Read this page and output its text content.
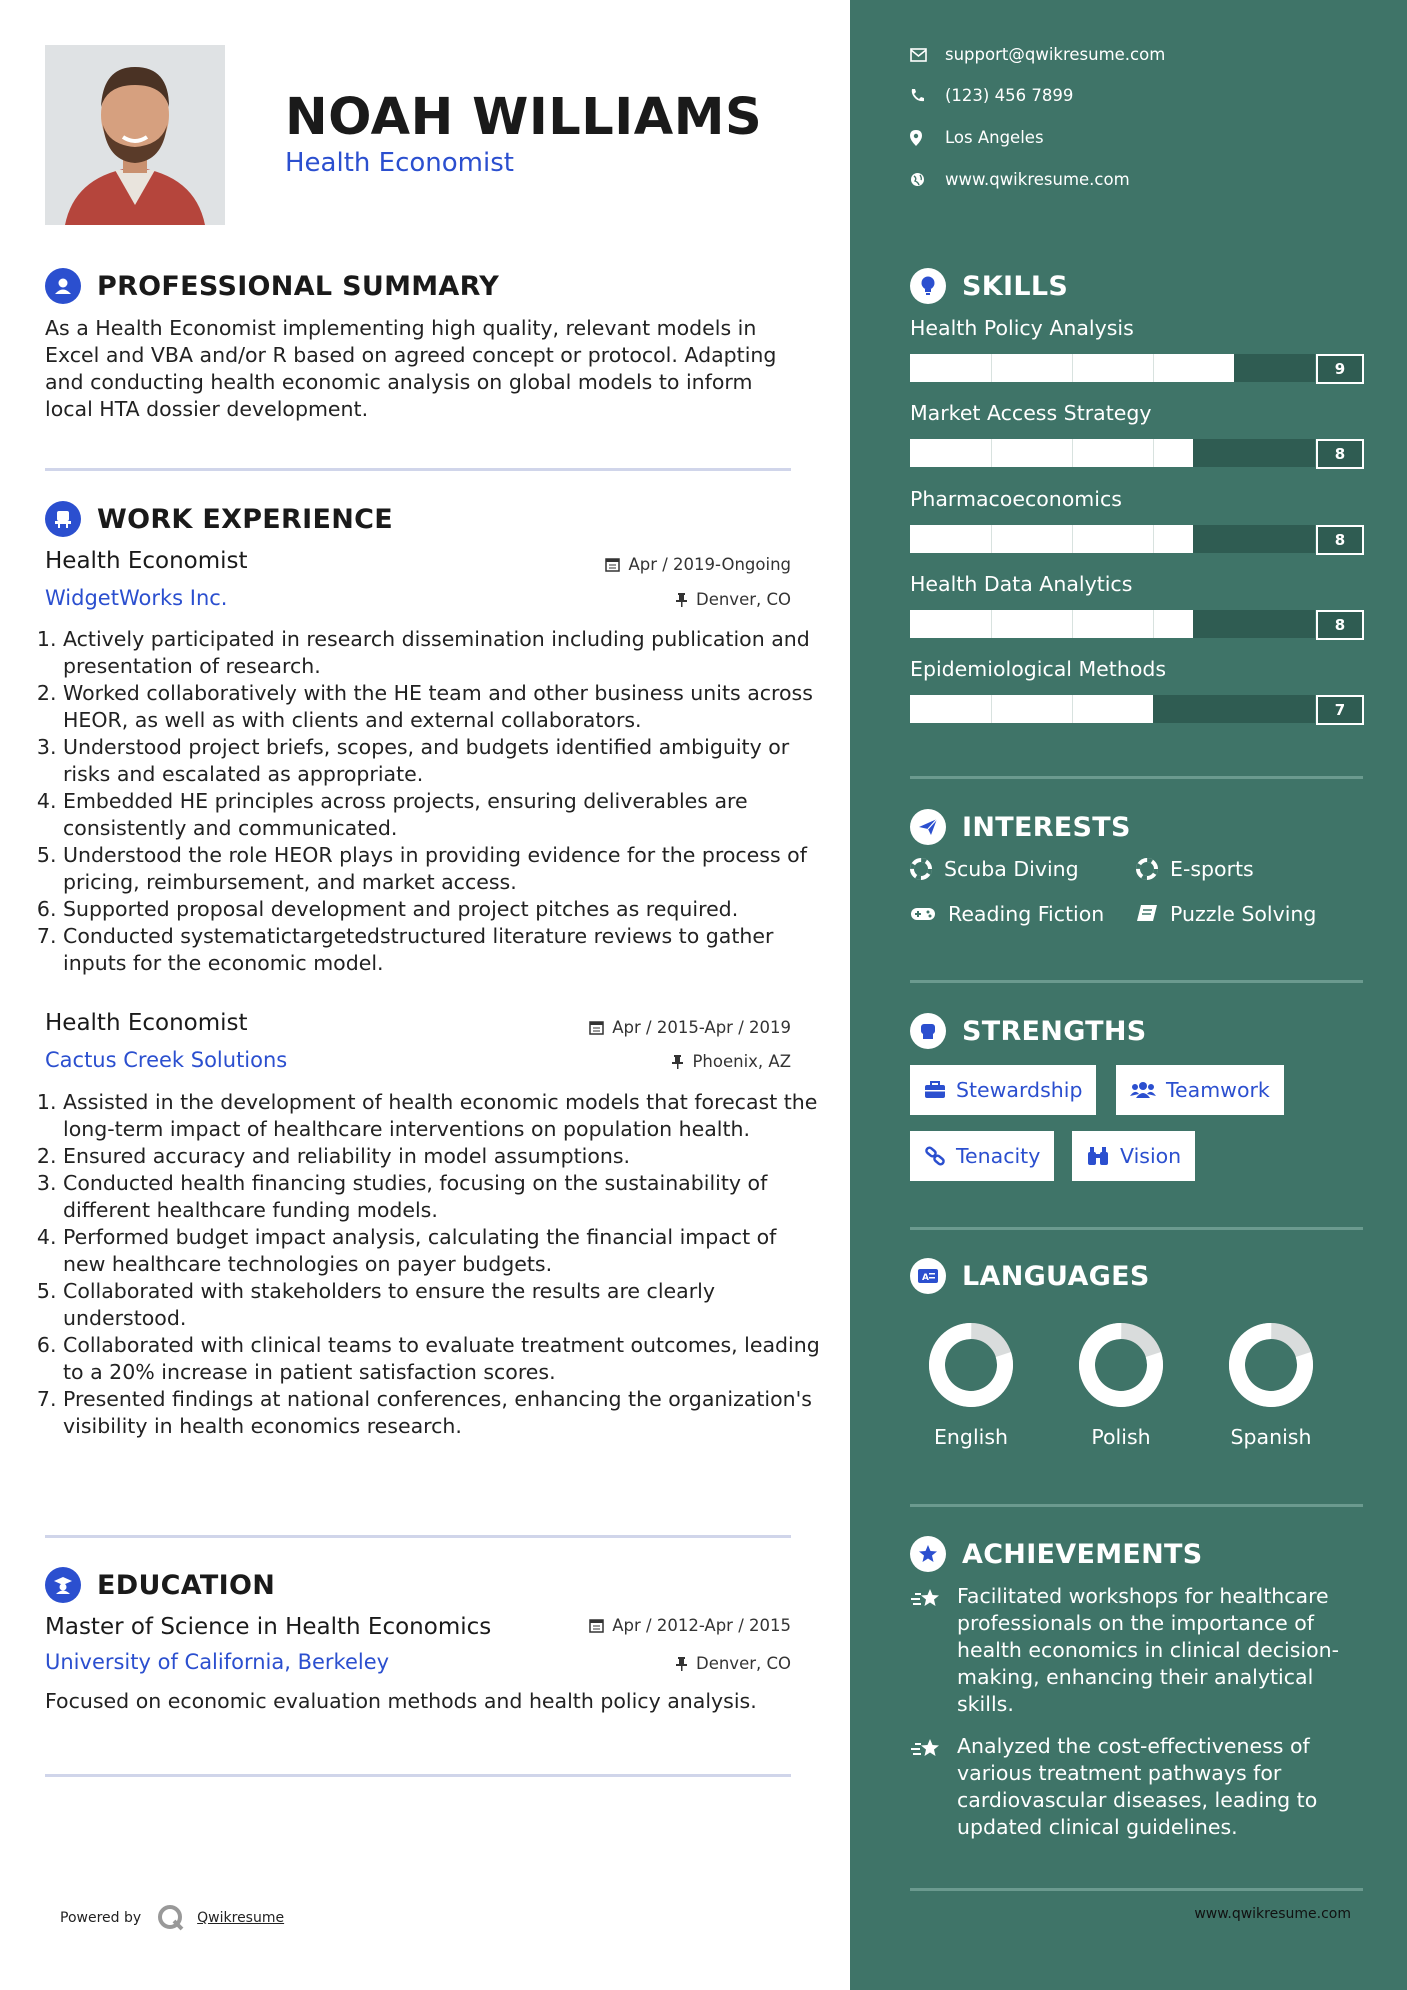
NOAH WILLIAMS
Health Economist
PROFESSIONAL SUMMARY
As a Health Economist implementing high quality, relevant models in Excel and VBA and/or R based on agreed concept or protocol. Adapting and conducting health economic analysis on global models to inform local HTA dossier development.
WORK EXPERIENCE
Health Economist	Apr / 2019-Ongoing
WidgetWorks Inc.	Denver, CO
1. Actively participated in research dissemination including publication and presentation of research.
2. Worked collaboratively with the HE team and other business units across HEOR, as well as with clients and external collaborators.
3. Understood project briefs, scopes, and budgets identified ambiguity or risks and escalated as appropriate.
4. Embedded HE principles across projects, ensuring deliverables are consistently and communicated.
5. Understood the role HEOR plays in providing evidence for the process of pricing, reimbursement, and market access.
6. Supported proposal development and project pitches as required.
7. Conducted systematictargetedstructured literature reviews to gather inputs for the economic model.
Health Economist	Apr / 2015-Apr / 2019
Cactus Creek Solutions	Phoenix, AZ
1. Assisted in the development of health economic models that forecast the long-term impact of healthcare interventions on population health.
2. Ensured accuracy and reliability in model assumptions.
3. Conducted health financing studies, focusing on the sustainability of different healthcare funding models.
4. Performed budget impact analysis, calculating the financial impact of new healthcare technologies on payer budgets.
5. Collaborated with stakeholders to ensure the results are clearly understood.
6. Collaborated with clinical teams to evaluate treatment outcomes, leading to a 20% increase in patient satisfaction scores.
7. Presented findings at national conferences, enhancing the organization's visibility in health economics research.
EDUCATION
Master of Science in Health Economics	Apr / 2012-Apr / 2015
University of California, Berkeley	Denver, CO
Focused on economic evaluation methods and health policy analysis.
Powered by	Qwikresume
support@qwikresume.com
(123) 456 7899
Los Angeles
www.qwikresume.com
SKILLS
Health Policy Analysis
9
Market Access Strategy
8
Pharmacoeconomics
8
Health Data Analytics
8
Epidemiological Methods
7
INTERESTS
Scuba Diving	E-sports
Reading Fiction	Puzzle Solving
STRENGTHS
Stewardship	Teamwork
Tenacity	Vision
A LANGUAGES
English	Polish	Spanish
ACHIEVEMENTS
Facilitated workshops for healthcare professionals on the importance of health economics in clinical decision-making, enhancing their analytical skills.
Analyzed the cost-effectiveness of various treatment pathways for cardiovascular diseases, leading to updated clinical guidelines.
www.qwikresume.com
